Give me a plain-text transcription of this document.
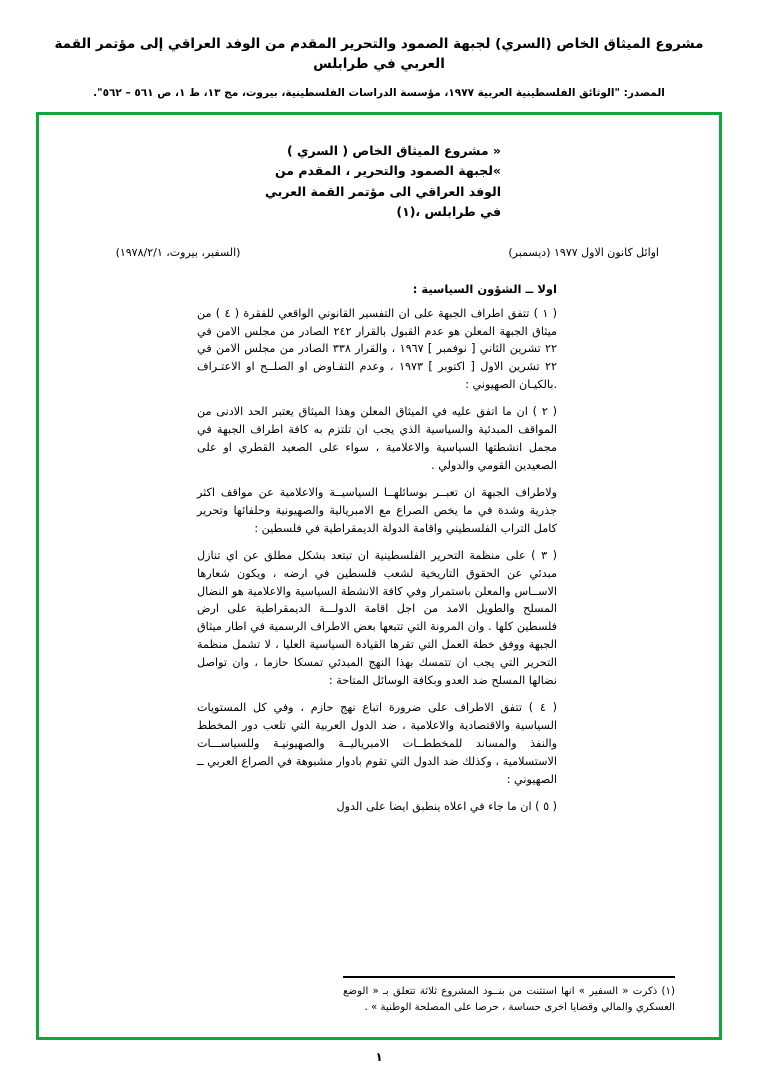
مشروع الميثاق الخاص (السري) لجبهة الصمود والتحرير المقدم من الوفد العراقي إلى مؤتمر القمة العربي في طرابلس
المصدر: "الوثائق الفلسطينية العربية ١٩٧٧، مؤسسة الدراسات الفلسطينية، بيروت، مج ١٣، ط ١، ص ٥٦١ – ٥٦٢".
« مشروع الميثاق الخاص ( السري ) »لجبهة الصمود والتحرير ، المقدم من الوفد العراقي الى مؤتمر القمة العربي في طرابلس ،(١)
اوائل كانون الاول ١٩٧٧ (ديسمبر)
(السفير، بيروت، ١٩٧٨/٢/١)
اولا ــ الشؤون السياسية :

( ١ ) تتفق اطراف الجبهة على ان التفسير القانوني الواقعي للفقرة ( ٤ ) من ميثاق الجبهة المعلن هو عدم القبول بالقرار ٢٤٢ الصادر من مجلس الامن في ٢٢ تشرين الثاني [ نوفمبر ] ١٩٦٧ ، والقرار ٣٣٨ الصادر من مجلس الامن في ٢٢ تشرين الاول [ اكتوبر ] ١٩٧٣ ، وعدم التفـاوض او الصلــح او الاعتـراف .بالكيـان الصهيوني :

( ٢ ) ان ما اتفق عليه في الميثاق المعلن وهذا الميثاق يعتبر الحد الادنى من المواقف المبدئية والسياسية الذي يجب ان تلتزم به كافة اطراف الجبهة في مجمل انشطتها السياسية والاعلامية ، سواء على الصعيد القطري او على الصعيدين القومي والدولي .

ولاطراف الجبهة ان تعبــر بوسائلهــا السياسيــة والاعلامية عن مواقف اكثر جذرية وشدة في ما يخص الصراع مع الامبريالية والصهيونية وحلفائها وتحرير كامل التراب الفلسطيني واقامة الدولة الديمقراطية في فلسطين :

( ٣ ) على منظمة التحرير الفلسطينية ان تبتعد بشكل مطلق عن اي تنازل مبدئي عن الحقوق التاريخية لشعب فلسطين في ارضه ، ويكون شعارها الاســاس والمعلن باستمرار وفي كافة الانشطة السياسية والاعلامية هو النضال المسلح والطويل الامد من اجل اقامة الدولـــة الديمقراطية على ارض فلسطين كلها . وان المرونة التي تتبعها بعض الاطراف الرسمية في اطار ميثاق الجبهة ووفق خطة العمل التي تقرها القيادة السياسية العليا ، لا تشمل منظمة التحرير التي يجب ان تتمسك بهذا النهج المبدئي تمسكا حازما ، وان تواصل نضالها المسلح ضد العدو وبكافة الوسائل المتاحة :

( ٤ ) تتفق الاطراف على ضرورة اتباع نهج حازم ، وفي كل المستويات السياسية والاقتصادية والاعلامية ، ضد الدول العربية التي تلعب دور المخطط والنفذ والمساند للمخططــات الامبرياليــة والصهيونيـة وللسياســـات الاستسلامية ، وكذلك ضد الدول التي تقوم بادوار مشبوهة في الصراع العربي ــ الصهيوني :

( ٥ ) ان ما جاء في اعلاه ينطبق ايضا على الدول

(١) ذكرت « السفير » انها استثنت من بنــود المشروع ثلاثة تتعلق بـ « الوضع العسكري والمالي وقضايا اخرى حساسة ، حرصا على المصلحة الوطنية » .
١
